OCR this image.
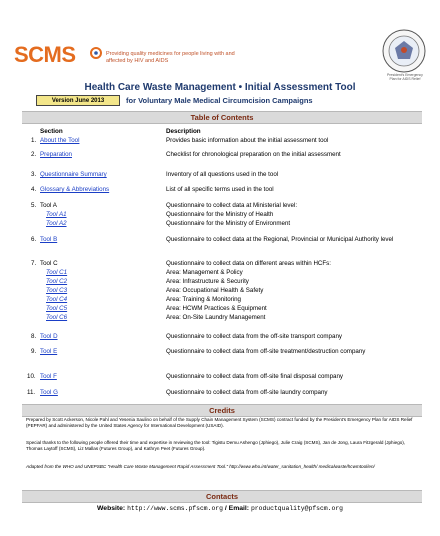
SCMS	Providing quality medicines for people living with and affected by HIV and AIDS
President's Emergency Plan for AIDS Relief
Health Care Waste Management • Initial Assessment Tool
Version June 2013	for Voluntary Male Medical Circumcision Campaigns
Table of Contents
Section	Description
1. About the Tool	Provides basic information about the initial assessment tool
2. Preparation	Checklist for chronological preparation on the initial assessment
3. Questionnaire Summary	Inventory of all questions used in the tool
4. Glossary & Abbreviations	List of all specific terms used in the tool
5. Tool A	Questionnaire to collect data at Ministerial level:
Tool A1	Questionnaire for the Ministry of Health
Tool A2	Questionnaire for the Ministry of Environment
6. Tool B	Questionnaire to collect data at the Regional, Provincial or Municipal Authority level
7. Tool C	Questionnaire to collect data on different areas within HCFs:
Tool C1	Area: Management & Policy
Tool C2	Area: Infrastructure & Security
Tool C3	Area: Occupational Health & Safety
Tool C4	Area: Training & Monitoring
Tool C5	Area: HCWM Practices & Equipment
Tool C6	Area: On-Site Laundry Management
8. Tool D	Questionnaire to collect data from the off-site transport company
9. Tool E	Questionnaire to collect data from off-site treatment/destruction company
10. Tool F	Questionnaire to collect data from off-site final disposal company
11. Tool G	Questionnaire to collect data from off-site laundry company
Credits
Prepared by Scott Ackerson, Nicole Pahl and Yesenia Saulino on behalf of the Supply Chain Management System (SCMS) contract funded by the President's Emergency Plan for AIDS Relief (PEPFAR) and administered by the United States Agency for International Development (USAID).
Special thanks to the following people offered their time and expertise in reviewing the tool: Tigistu Demu Ashengo (Jphiego), Julie Craig (SCMS), Jan de Jong, Laura Fitzgerald (Jphiego), Thomas Laytoff (SCMS), Liz Mallas (Futures Group), and Kathryn Peet (Futures Group).
Adapted from the WHO and UNEPSBC "Health Care Waste Management Rapid Assessment Tool." http://www.who.int/water_sanitation_health/ medicalwaste/hcwmtool/en/
Contacts
Website: http://www.scms.pfscm.org / Email: productquality@pfscm.org
